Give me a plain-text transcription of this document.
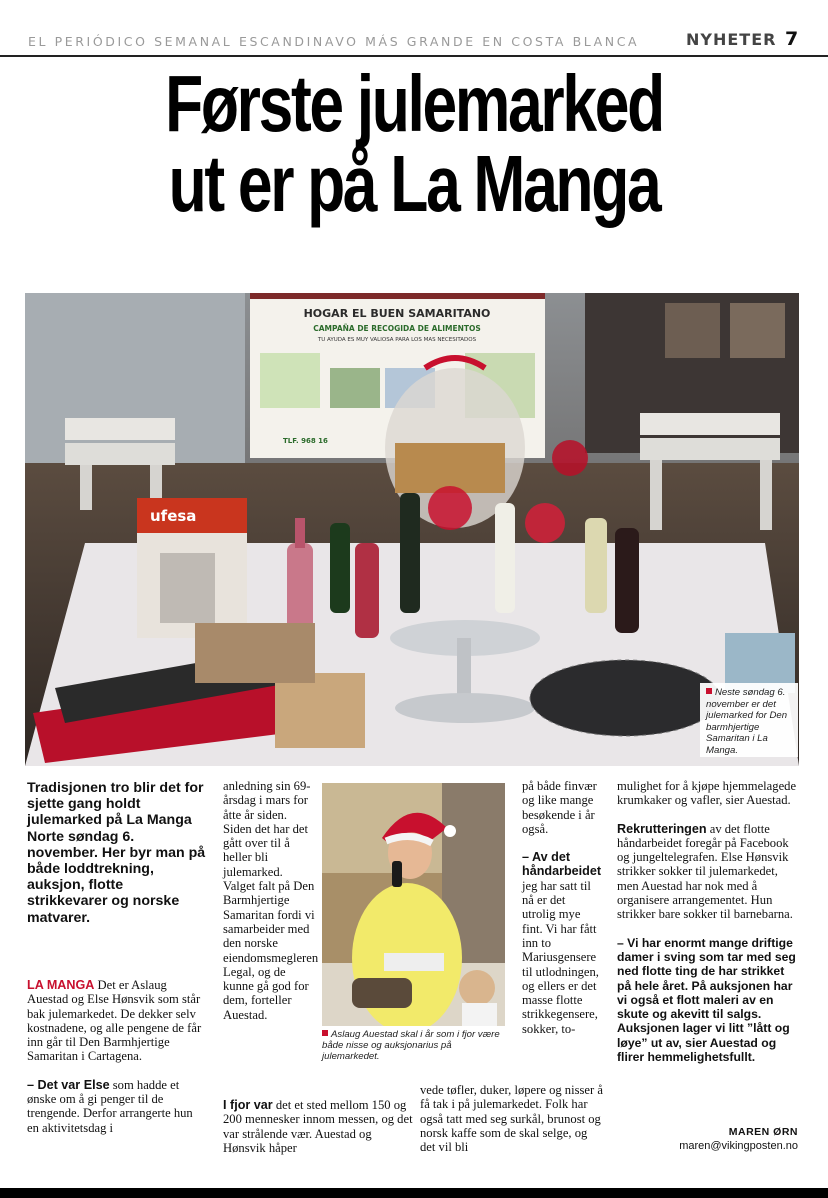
EL PERIÓDICO SEMANAL ESCANDINAVO MÁS GRANDE EN COSTA BLANCA	NYHETER 7
Første julemarked
ut er på La Manga
HOGAR EL BUEN SAMARITANO
CAMPAÑA DE RECOGIDA DE ALIMENTOS
TU AYUDA ES MUY VALIOSA PARA LOS MAS NECESITADOS
TLF. 968 16
ufesa
Neste søndag 6. november er det julemarked for Den barmhjertige Samaritan i La Manga.
Tradisjonen tro blir det for sjette gang holdt julemarked på La Manga Norte søndag 6. november. Her byr man på både loddtrekning, auksjon, flotte strikkevarer og norske matvarer.

LA MANGA Det er Aslaug Auestad og Else Hønsvik som står bak julemarkedet. De dekker selv kostnadene, og alle pengene de får inn går til Den Barmhjertige Samaritan i Cartagena.

– Det var Else som hadde et ønske om å gi penger til de trengende. Derfor arrangerte hun en aktivitetsdag i

anledning sin 69-årsdag i mars for åtte år siden. Siden det har det gått over til å heller bli julemarked. Valget falt på Den Barmhjertige Samaritan fordi vi samarbeider med den norske eiendomsmegleren Legal, og de kunne gå god for dem, forteller Auestad.

I fjor var det et sted mellom 150 og 200 mennesker innom messen, og det var strålende vær. Auestad og Hønsvik håper

Aslaug Auestad skal i år som i fjor være både nisse og auksjonarius på julemarkedet.

på både finvær og like mange besøkende i år også.

– Av det håndarbeidet jeg har satt til nå er det utrolig mye fint. Vi har fått inn to Mariusgensere til utlodningen, og ellers er det masse flotte strikkegensere, sokker, to-

vede tøfler, duker, løpere og nisser å få tak i på julemarkedet. Folk har også tatt med seg surkål, brunost og norsk kaffe som de skal selge, og det vil bli

mulighet for å kjøpe hjemmelagede krumkaker og vafler, sier Auestad.

Rekrutteringen av det flotte håndarbeidet foregår på Facebook og jungeltelegrafen. Else Hønsvik strikker sokker til julemarkedet, men Auestad har nok med å organisere arrangementet. Hun strikker bare sokker til barnebarna.

– Vi har enormt mange driftige damer i sving som tar med seg ned flotte ting de har strikket på hele året. På auksjonen har vi også et flott maleri av en skute og akevitt til salgs. Auksjonen lager vi litt ”lått og løye” ut av, sier Auestad og flirer hemmelighetsfullt.

MAREN ØRN
maren@vikingposten.no
